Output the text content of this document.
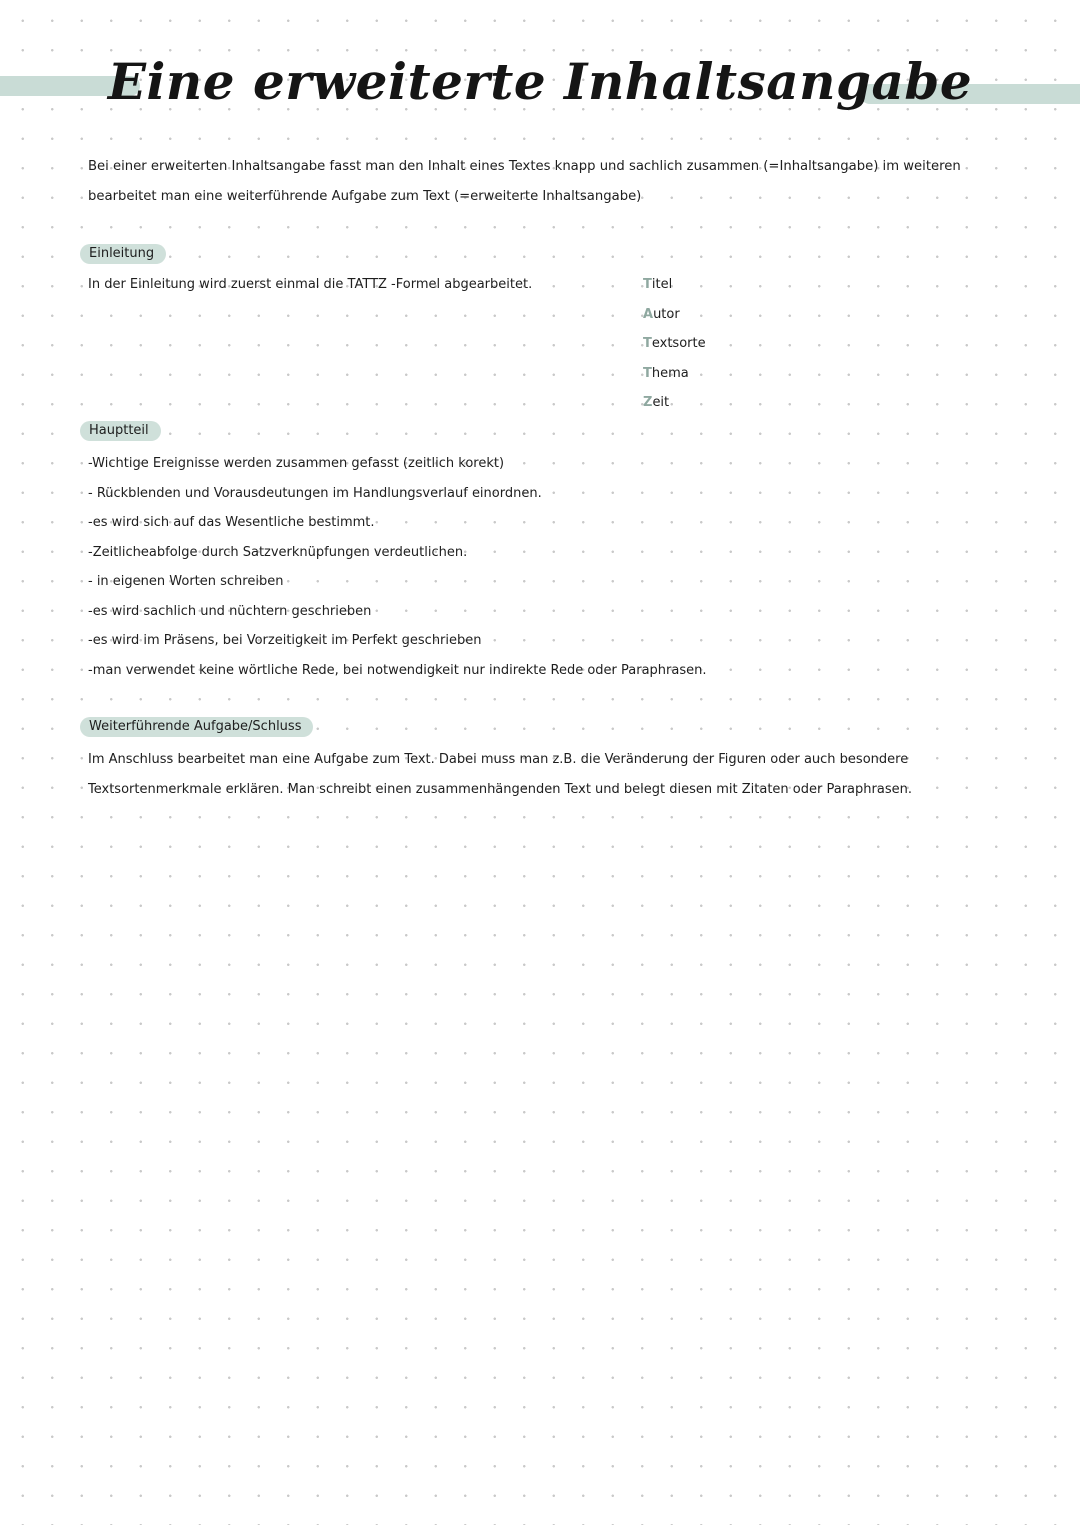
Eine erweiterte Inhaltsangabe

Bei einer erweiterten Inhaltsangabe fasst man den Inhalt eines Textes knapp und sachlich zusammen (=Inhaltsangabe) im weiteren bearbeitet man eine weiterführende Aufgabe zum Text (=erweiterte Inhaltsangabe)

Einleitung

In der Einleitung wird zuerst einmal die TATTZ -Formel abgearbeitet.	Titel
Autor
Textsorte
Thema
Zeit
Hauptteil
-Wichtige Ereignisse werden zusammen gefasst (zeitlich korekt)
- Rückblenden und Vorausdeutungen im Handlungsverlauf einordnen.
-es wird sich auf das Wesentliche bestimmt.
-Zeitlicheabfolge durch Satzverknüpfungen verdeutlichen.
- in eigenen Worten schreiben
-es wird sachlich und nüchtern geschrieben
-es wird im Präsens, bei Vorzeitigkeit im Perfekt geschrieben
-man verwendet keine wörtliche Rede, bei notwendigkeit nur indirekte Rede oder Paraphrasen.
Weiterführende Aufgabe/Schluss

Im Anschluss bearbeitet man eine Aufgabe zum Text. Dabei muss man z.B. die Veränderung der Figuren oder auch besondere Textsortenmerkmale erklären. Man schreibt einen zusammenhängenden Text und belegt diesen mit Zitaten oder Paraphrasen.
